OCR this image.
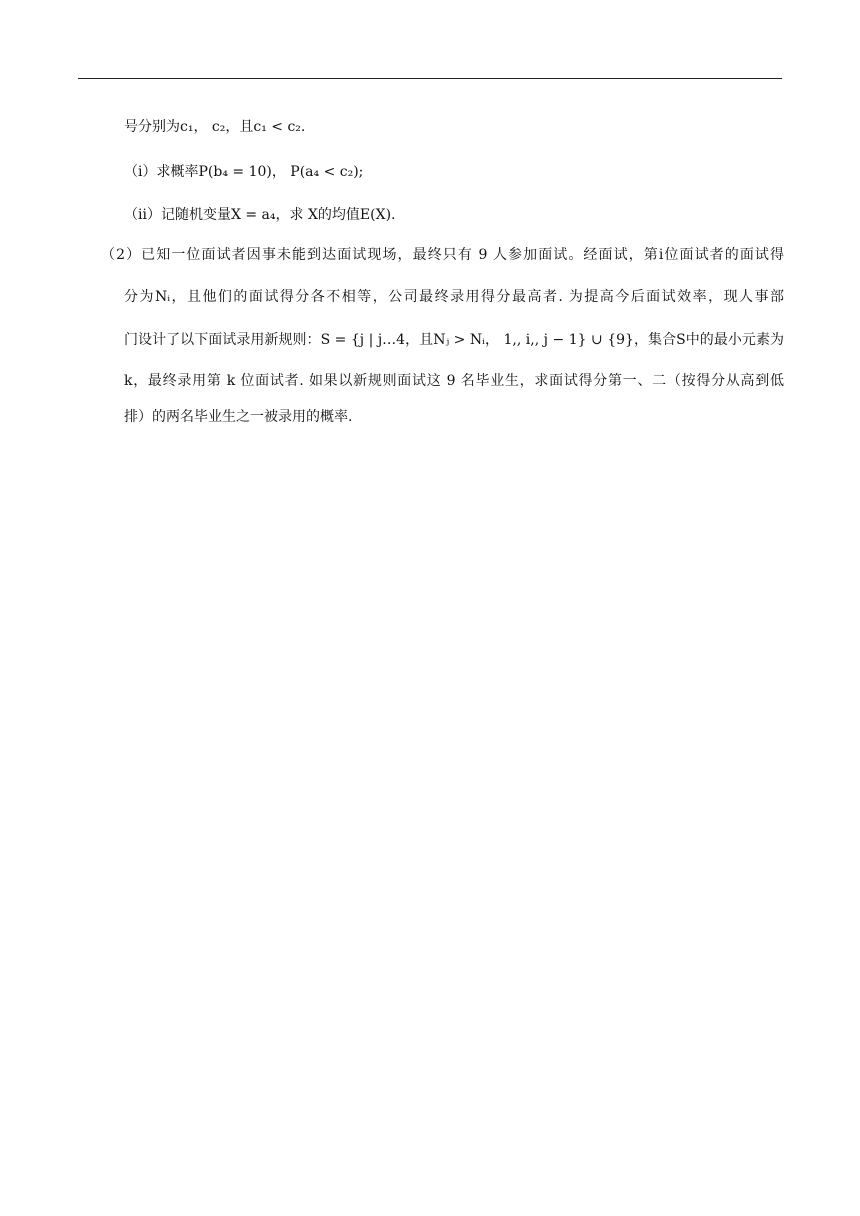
号分别为c₁， c₂，且c₁ < c₂.
（ⅰ）求概率P(b₄ = 10)， P(a₄ < c₂);
（ⅱ）记随机变量X = a₄，求 X的均值E(X).
（2）已知一位面试者因事未能到达面试现场，最终只有 9 人参加面试。经面试，第i位面试者的面试得
分为Nᵢ，且他们的面试得分各不相等，公司最终录用得分最高者. 为提高今后面试效率，现人事部
门设计了以下面试录用新规则：S = {j | j…4，且Nⱼ > Nᵢ， 1,, i,, j − 1} ∪ {9}，集合S中的最小元素为
k，最终录用第 k 位面试者. 如果以新规则面试这 9 名毕业生，求面试得分第一、二（按得分从高到低
排）的两名毕业生之一被录用的概率.
